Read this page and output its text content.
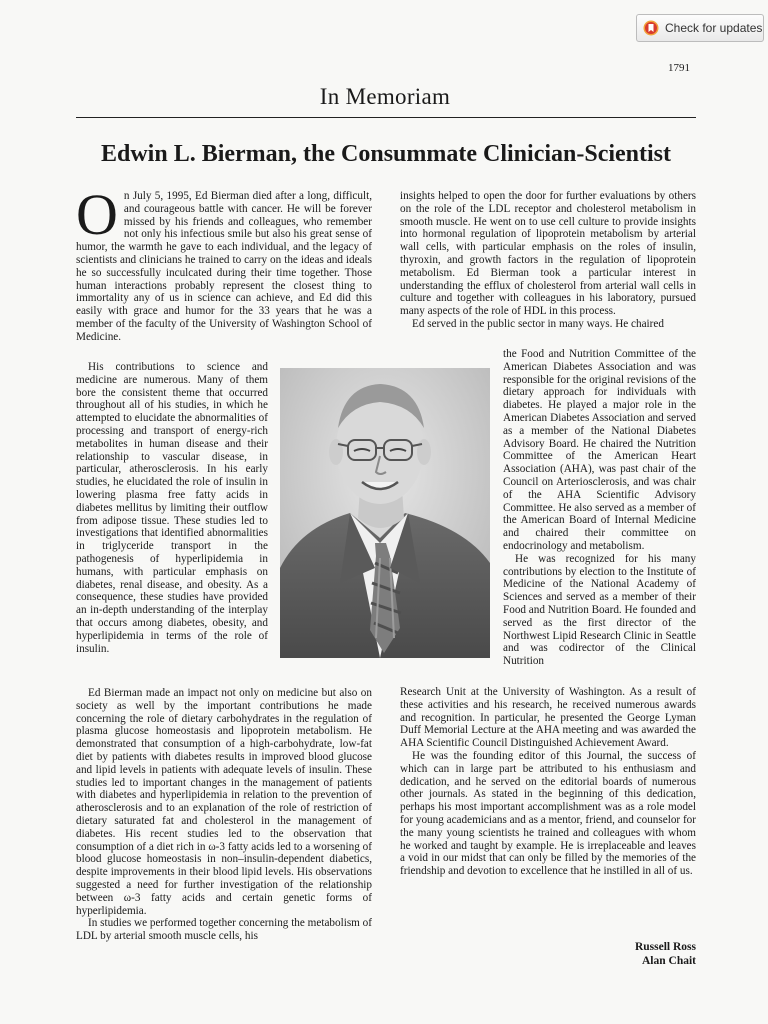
Check for updates
1791
In Memoriam
Edwin L. Bierman, the Consummate Clinician-Scientist

On July 5, 1995, Ed Bierman died after a long, difficult, and courageous battle with cancer. He will be forever missed by his friends and colleagues, who remember not only his infectious smile but also his great sense of humor, the warmth he gave to each individual, and the legacy of scientists and clinicians he trained to carry on the ideas and ideals he so successfully inculcated during their time together. Those human interactions probably represent the closest thing to immortality any of us in science can achieve, and Ed did this easily with grace and humor for the 33 years that he was a member of the faculty of the University of Washington School of Medicine.

His contributions to science and medicine are numerous. Many of them bore the consistent theme that occurred throughout all of his studies, in which he attempted to elucidate the abnormalities of processing and transport of energy-rich metabolites in human disease and their relationship to vascular disease, in particular, atherosclerosis. In his early studies, he elucidated the role of insulin in lowering plasma free fatty acids in diabetes mellitus by limiting their outflow from adipose tissue. These studies led to investigations that identified abnormalities in triglyceride transport in the pathogenesis of hyperlipidemia in humans, with particular emphasis on diabetes, renal disease, and obesity. As a consequence, these studies have provided an in-depth understanding of the interplay that occurs among diabetes, obesity, and hyperlipidemia in terms of the role of insulin.

Ed Bierman made an impact not only on medicine but also on society as well by the important contributions he made concerning the role of dietary carbohydrates in the regulation of plasma glucose homeostasis and lipoprotein metabolism. He demonstrated that consumption of a high-carbohydrate, low-fat diet by patients with diabetes results in improved blood glucose and lipid levels in patients with adequate levels of insulin. These studies led to important changes in the management of patients with diabetes and hyperlipidemia in relation to the prevention of atherosclerosis and to an explanation of the role of restriction of dietary saturated fat and cholesterol in the management of diabetes. His recent studies led to the observation that consumption of a diet rich in ω-3 fatty acids led to a worsening of blood glucose homeostasis in non–insulin-dependent diabetics, despite improvements in their blood lipid levels. His observations suggested a need for further investigation of the relationship between ω-3 fatty acids and certain genetic forms of hyperlipidemia.

In studies we performed together concerning the metabolism of LDL by arterial smooth muscle cells, his

insights helped to open the door for further evaluations by others on the role of the LDL receptor and cholesterol metabolism in smooth muscle. He went on to use cell culture to provide insights into hormonal regulation of lipoprotein metabolism by arterial wall cells, with particular emphasis on the roles of insulin, thyroxin, and growth factors in the regulation of lipoprotein metabolism. Ed Bierman took a particular interest in understanding the efflux of cholesterol from arterial wall cells in culture and together with colleagues in his laboratory, pursued many aspects of the role of HDL in this process.

Ed served in the public sector in many ways. He chaired

the Food and Nutrition Committee of the American Diabetes Association and was responsible for the original revisions of the dietary approach for individuals with diabetes. He played a major role in the American Diabetes Association and served as a member of the National Diabetes Advisory Board. He chaired the Nutrition Committee of the American Heart Association (AHA), was past chair of the Council on Arteriosclerosis, and was chair of the AHA Scientific Advisory Committee. He also served as a member of the American Board of Internal Medicine and chaired their committee on endocrinology and metabolism.

He was recognized for his many contributions by election to the Institute of Medicine of the National Academy of Sciences and served as a member of their Food and Nutrition Board. He founded and served as the first director of the Northwest Lipid Research Clinic in Seattle and was codirector of the Clinical Nutrition

Research Unit at the University of Washington. As a result of these activities and his research, he received numerous awards and recognition. In particular, he presented the George Lyman Duff Memorial Lecture at the AHA meeting and was awarded the AHA Scientific Council Distinguished Achievement Award.

He was the founding editor of this Journal, the success of which can in large part be attributed to his enthusiasm and dedication, and he served on the editorial boards of numerous other journals. As stated in the beginning of this dedication, perhaps his most important accomplishment was as a role model for young academicians and as a mentor, friend, and counselor for the many young scientists he trained and colleagues with whom he worked and taught by example. He is irreplaceable and leaves a void in our midst that can only be filled by the memories of the friendship and devotion to excellence that he instilled in all of us.

Russell Ross
Alan Chait
